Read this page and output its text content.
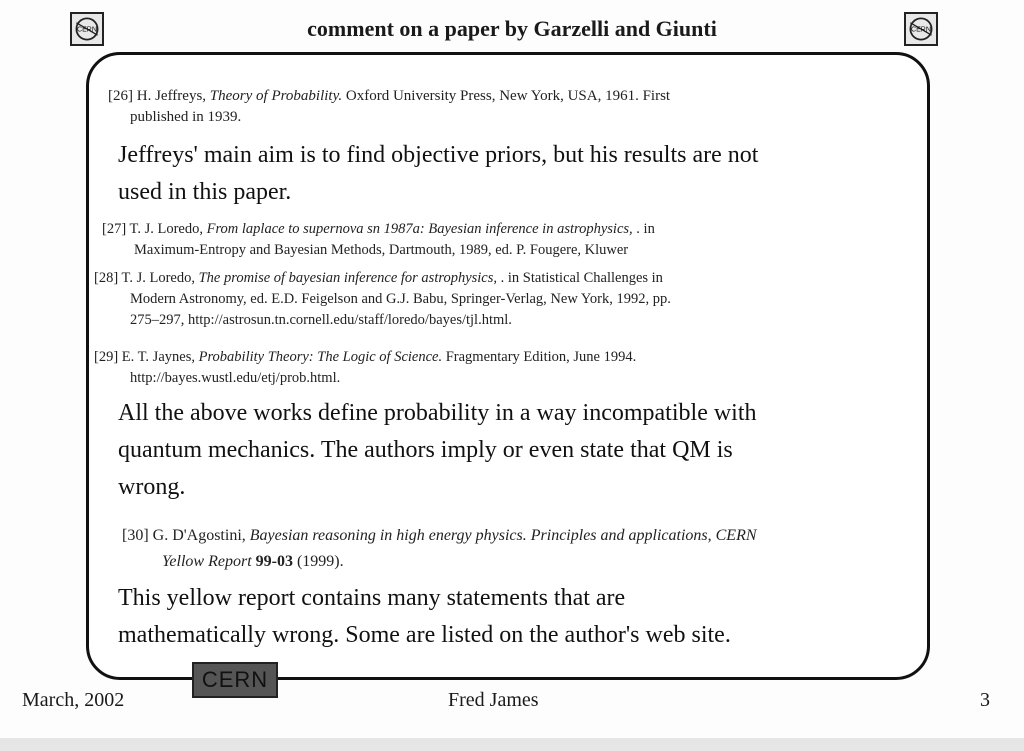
CERN	comment on a paper by Garzelli and Giunti	CERN
[26] H. Jeffreys, Theory of Probability. Oxford University Press, New York, USA, 1961. First
published in 1939.
Jeffreys' main aim is to find objective priors, but his results are not
used in this paper.
[27] T. J. Loredo, From laplace to supernova sn 1987a: Bayesian inference in astrophysics, . in
Maximum-Entropy and Bayesian Methods, Dartmouth, 1989, ed. P. Fougere, Kluwer
[28] T. J. Loredo, The promise of bayesian inference for astrophysics, . in Statistical Challenges in
Modern Astronomy, ed. E.D. Feigelson and G.J. Babu, Springer-Verlag, New York, 1992, pp.
275–297, http://astrosun.tn.cornell.edu/staff/loredo/bayes/tjl.html.
[29] E. T. Jaynes, Probability Theory: The Logic of Science. Fragmentary Edition, June 1994.
http://bayes.wustl.edu/etj/prob.html.
All the above works define probability in a way incompatible with
quantum mechanics. The authors imply or even state that QM is
wrong.
[30] G. D'Agostini, Bayesian reasoning in high energy physics. Principles and applications, CERN
Yellow Report 99-03 (1999).
This yellow report contains many statements that are
mathematically wrong. Some are listed on the author's web site.
CERN
March, 2002	Fred James	3
